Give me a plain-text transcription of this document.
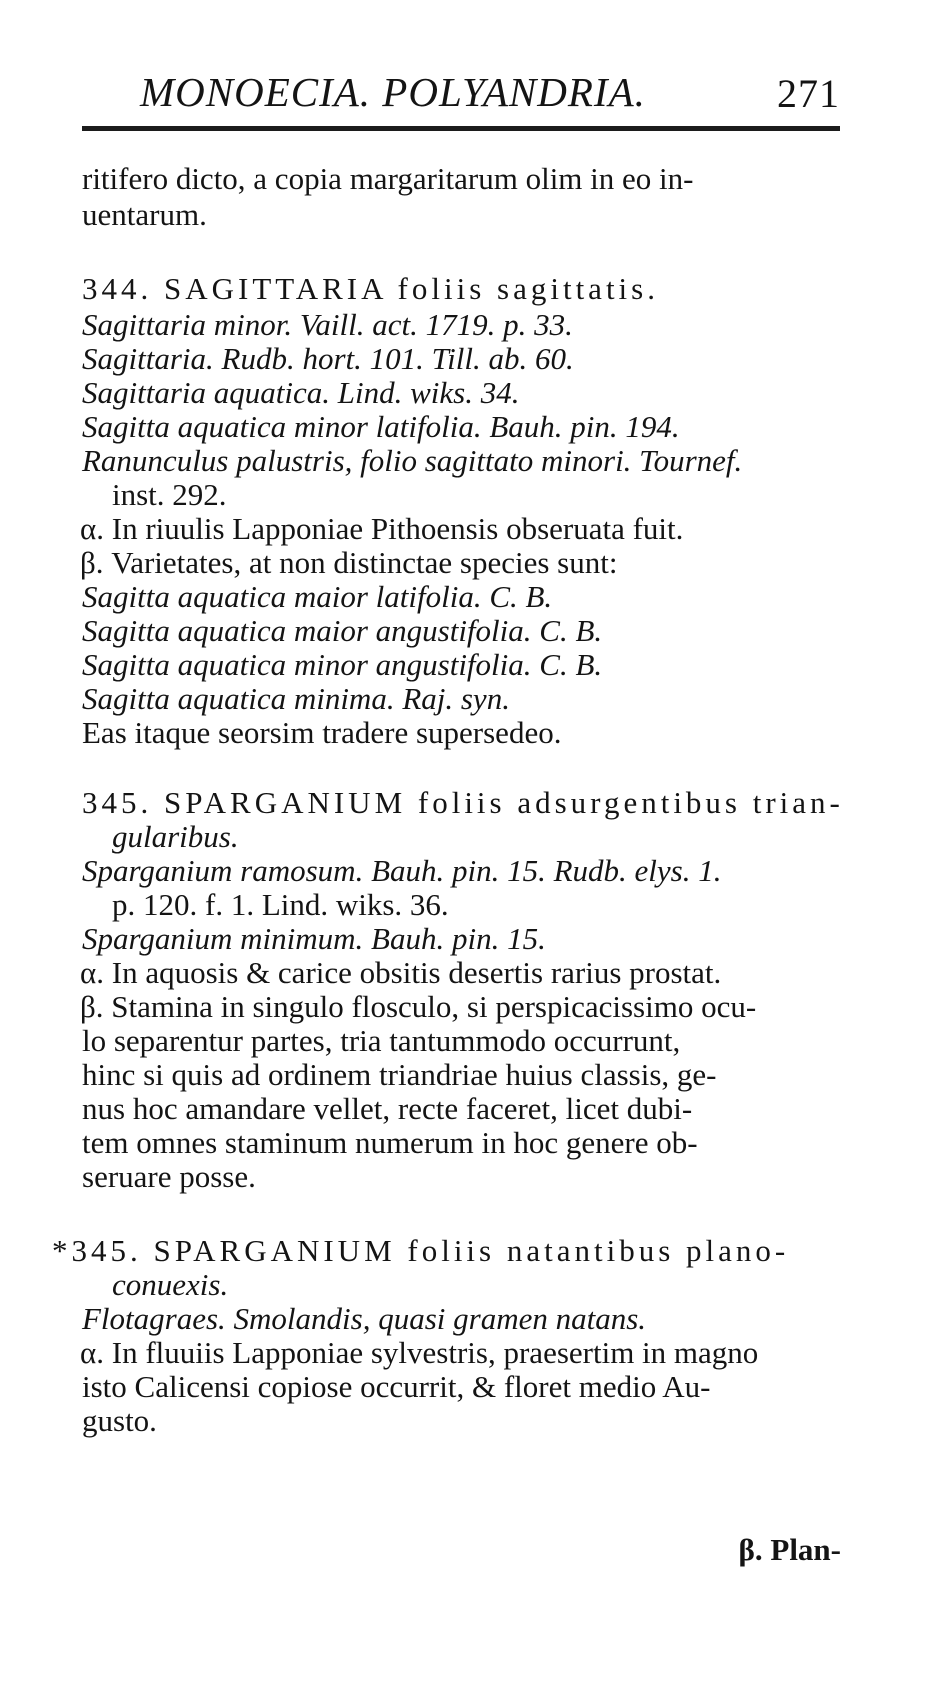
MONOECIA. POLYANDRIA.	271
ritifero dicto, a copia margaritarum olim in eo in-
uentarum.
344. SAGITTARIA foliis sagittatis.
Sagittaria minor. Vaill. act. 1719. p. 33.
Sagittaria. Rudb. hort. 101. Till. ab. 60.
Sagittaria aquatica. Lind. wiks. 34.
Sagitta aquatica minor latifolia. Bauh. pin. 194.
Ranunculus palustris, folio sagittato minori. Tournef.
inst. 292.
α. In riuulis Lapponiae Pithoensis obseruata fuit.
β. Varietates, at non distinctae species sunt:
Sagitta aquatica maior latifolia. C. B.
Sagitta aquatica maior angustifolia. C. B.
Sagitta aquatica minor angustifolia. C. B.
Sagitta aquatica minima. Raj. syn.
Eas itaque seorsim tradere supersedeo.
345. SPARGANIUM foliis adsurgentibus trian-
gularibus.
Sparganium ramosum. Bauh. pin. 15. Rudb. elys. 1.
p. 120. f. 1. Lind. wiks. 36.
Sparganium minimum. Bauh. pin. 15.
α. In aquosis & carice obsitis desertis rarius prostat.
β. Stamina in singulo flosculo, si perspicacissimo ocu-
lo separentur partes, tria tantummodo occurrunt,
hinc si quis ad ordinem triandriae huius classis, ge-
nus hoc amandare vellet, recte faceret, licet dubi-
tem omnes staminum numerum in hoc genere ob-
seruare posse.
*345. SPARGANIUM foliis natantibus plano-
conuexis.
Flotagraes. Smolandis, quasi gramen natans.
α. In fluuiis Lapponiae sylvestris, praesertim in magno
isto Calicensi copiose occurrit, & floret medio Au-
gusto.
β. Plan-
